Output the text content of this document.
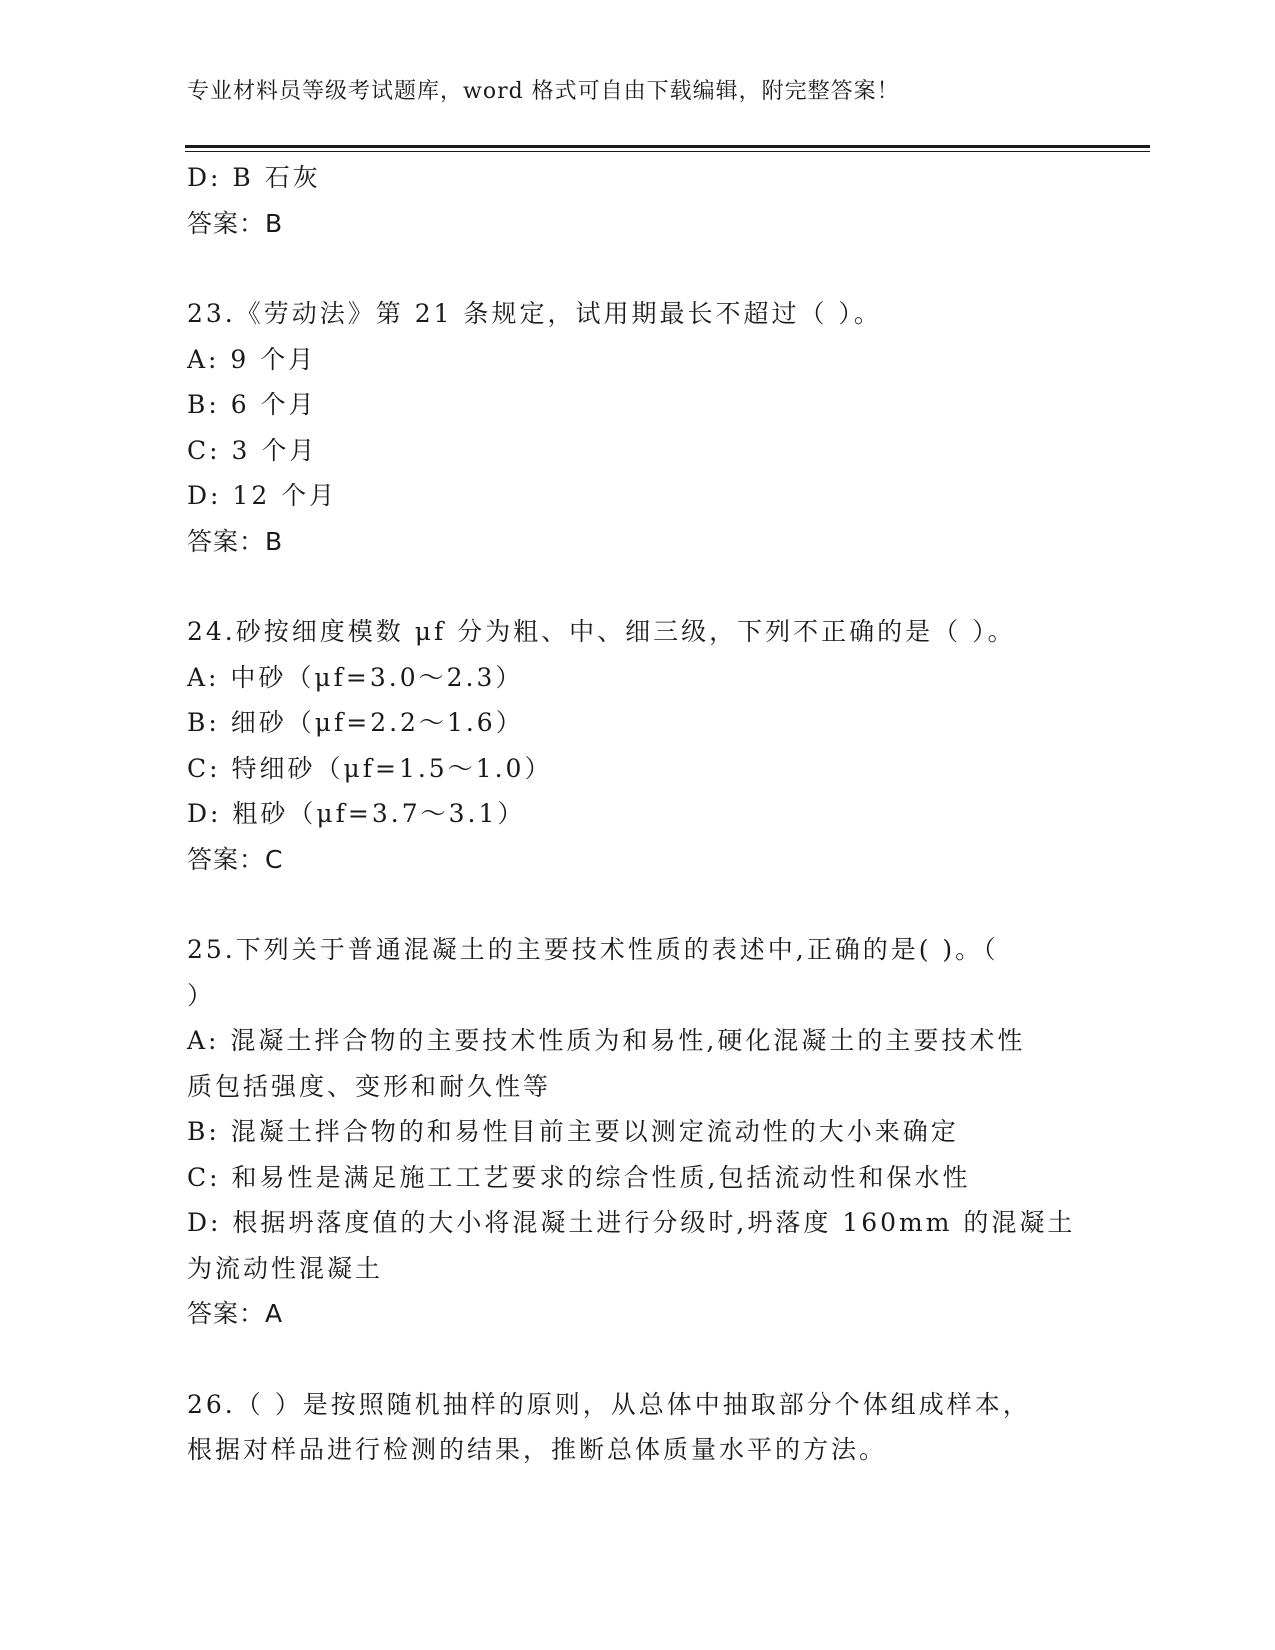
专业材料员等级考试题库，word 格式可自由下载编辑，附完整答案！
D: B 石灰
答案：B
23.《劳动法》第 21 条规定，试用期最长不超过（ ）。
A: 9 个月
B: 6 个月
C: 3 个月
D: 12 个月
答案：B
24.砂按细度模数 μf 分为粗、中、细三级，下列不正确的是（ ）。
A: 中砂（μf=3.0～2.3）
B: 细砂（μf=2.2～1.6）
C: 特细砂（μf=1.5～1.0）
D: 粗砂（μf=3.7～3.1）
答案：C
25.下列关于普通混凝土的主要技术性质的表述中,正确的是( )。（
）
A: 混凝土拌合物的主要技术性质为和易性,硬化混凝土的主要技术性
质包括强度、变形和耐久性等
B: 混凝土拌合物的和易性目前主要以测定流动性的大小来确定
C: 和易性是满足施工工艺要求的综合性质,包括流动性和保水性
D: 根据坍落度值的大小将混凝土进行分级时,坍落度 160mm 的混凝土
为流动性混凝土
答案：A
26.（ ）是按照随机抽样的原则，从总体中抽取部分个体组成样本，
根据对样品进行检测的结果，推断总体质量水平的方法。
